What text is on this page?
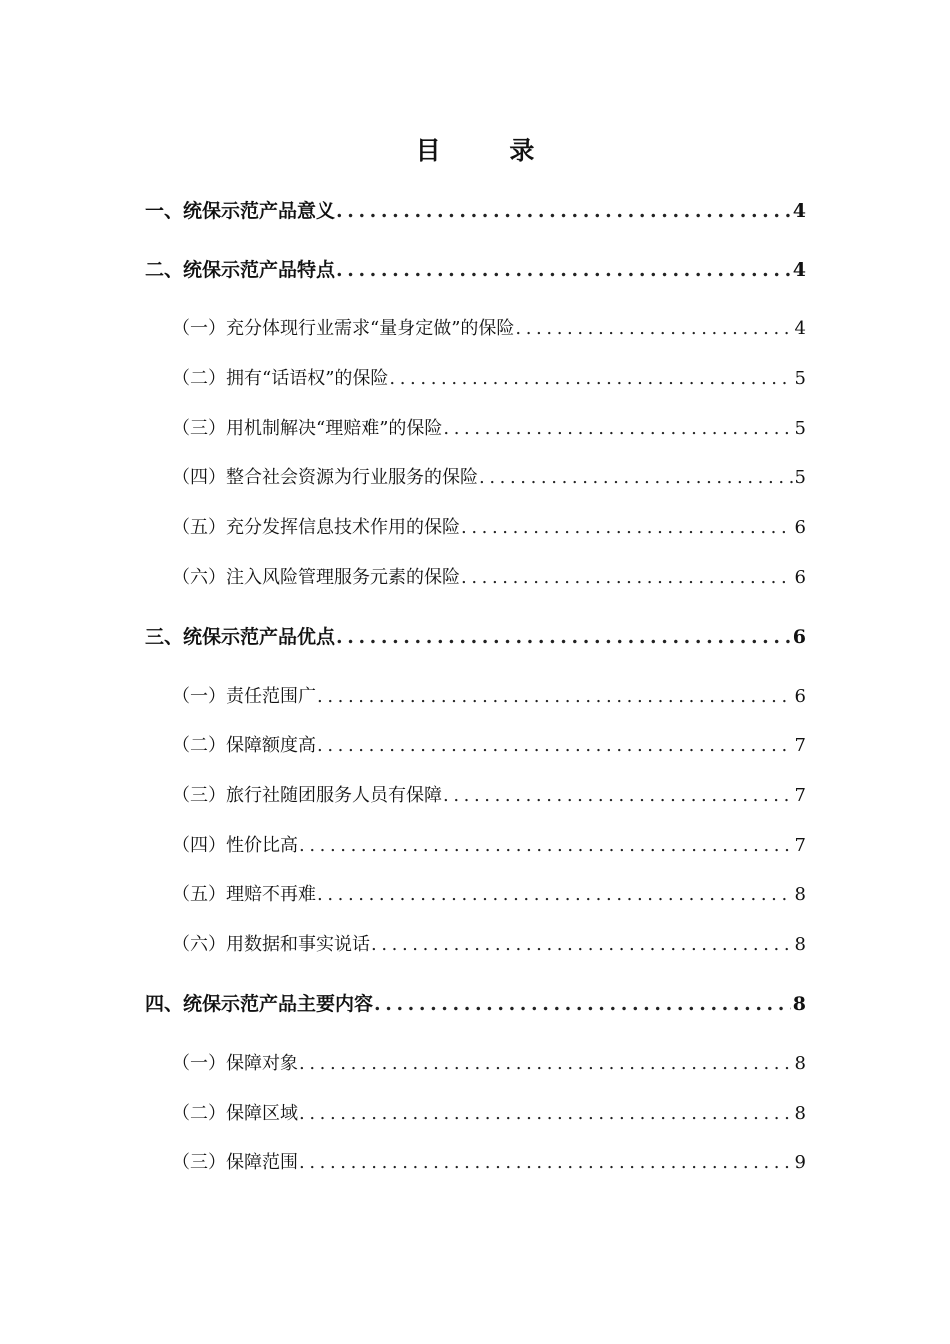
目 录
一、统保示范产品意义 .....	4
二、统保示范产品特点 .....	4
（一）充分体现行业需求“量身定做”的保险 .....	4
（二）拥有“话语权”的保险 .....	5
（三）用机制解决“理赔难”的保险 .....	5
（四）整合社会资源为行业服务的保险 .....	5
（五）充分发挥信息技术作用的保险 .....	6
（六）注入风险管理服务元素的保险 .....	6
三、统保示范产品优点 .....	6
（一）责任范围广 .....	6
（二）保障额度高 .....	7
（三）旅行社随团服务人员有保障 .....	7
（四）性价比高 .....	7
（五）理赔不再难 .....	8
（六）用数据和事实说话 .....	8
四、统保示范产品主要内容 .....	8
（一）保障对象 .....	8
（二）保障区域 .....	8
（三）保障范围 .....	9
